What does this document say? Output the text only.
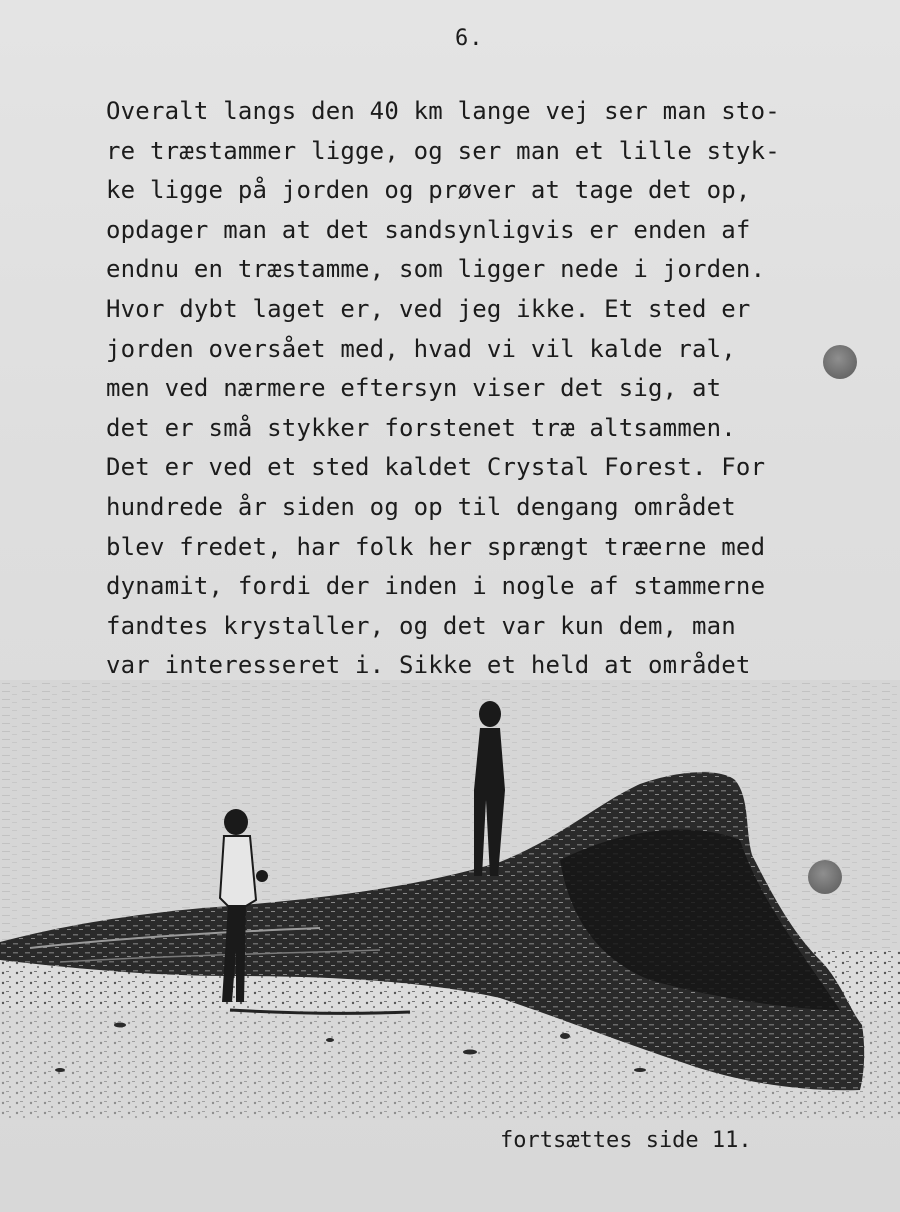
6.
Overalt langs den 40 km lange vej ser man sto-
re træstammer ligge, og ser man et lille styk-
ke ligge på jorden og prøver at tage det op,
opdager man at det sandsynligvis er enden af
endnu en træstamme, som ligger nede i jorden.
Hvor dybt laget er, ved jeg ikke. Et sted er
jorden oversået med, hvad vi vil kalde ral,
men ved nærmere eftersyn viser det sig, at
det er små stykker forstenet træ altsammen.
Det er ved et sted kaldet Crystal Forest. For
hundrede år siden og op til dengang området
blev fredet, har folk her sprængt træerne med
dynamit, fordi der inden i nogle af stammerne
fandtes krystaller, og det var kun dem, man
var interesseret i. Sikke et held at området
fortsættes side 11.
